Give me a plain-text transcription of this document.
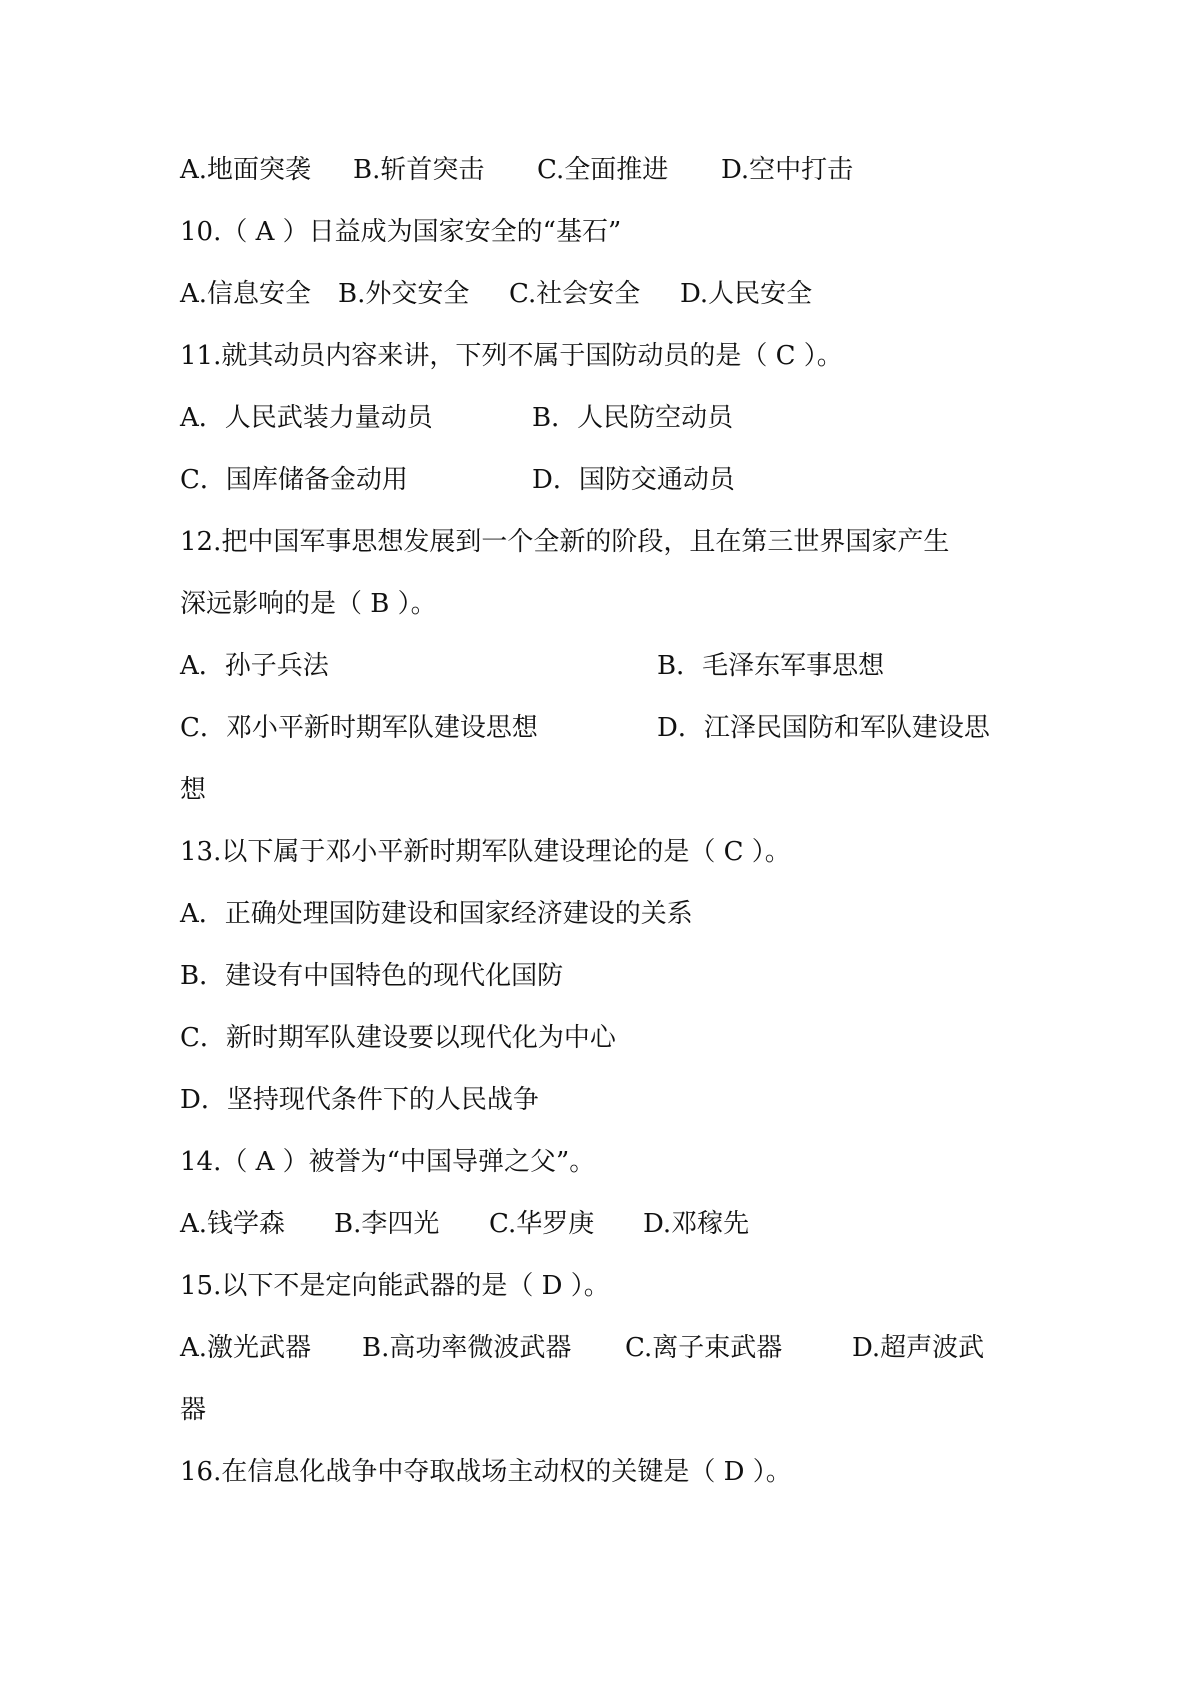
A.地面突袭

B.斩首突击

C.全面推进

D.空中打击

10.（ A ）日益成为国家安全的“基石”

A.信息安全

B.外交安全

C.社会安全

D.人民安全

11.就其动员内容来讲，下列不属于国防动员的是（ C ）。

A．人民武装力量动员

	B．人民防空动员

C．国库储备金动用

	D．国防交通动员

12.把中国军事思想发展到一个全新的阶段，且在第三世界国家产生
深远影响的是（ B ）。

A．孙子兵法

	B．毛泽东军事思想

C．邓小平新时期军队建设思想

	D．江泽民国防和军队建设思

想
13.以下属于邓小平新时期军队建设理论的是（ C ）。
A．正确处理国防建设和国家经济建设的关系
B．建设有中国特色的现代化国防
C．新时期军队建设要以现代化为中心
D．坚持现代条件下的人民战争
14.（ A ）被誉为“中国导弹之父”。

A.钱学森

B.李四光

C.华罗庚

D.邓稼先

15.以下不是定向能武器的是（ D ）。

A.激光武器

B.高功率微波武器

C.离子束武器

	D.超声波武

器
16.在信息化战争中夺取战场主动权的关键是（ D ）。
